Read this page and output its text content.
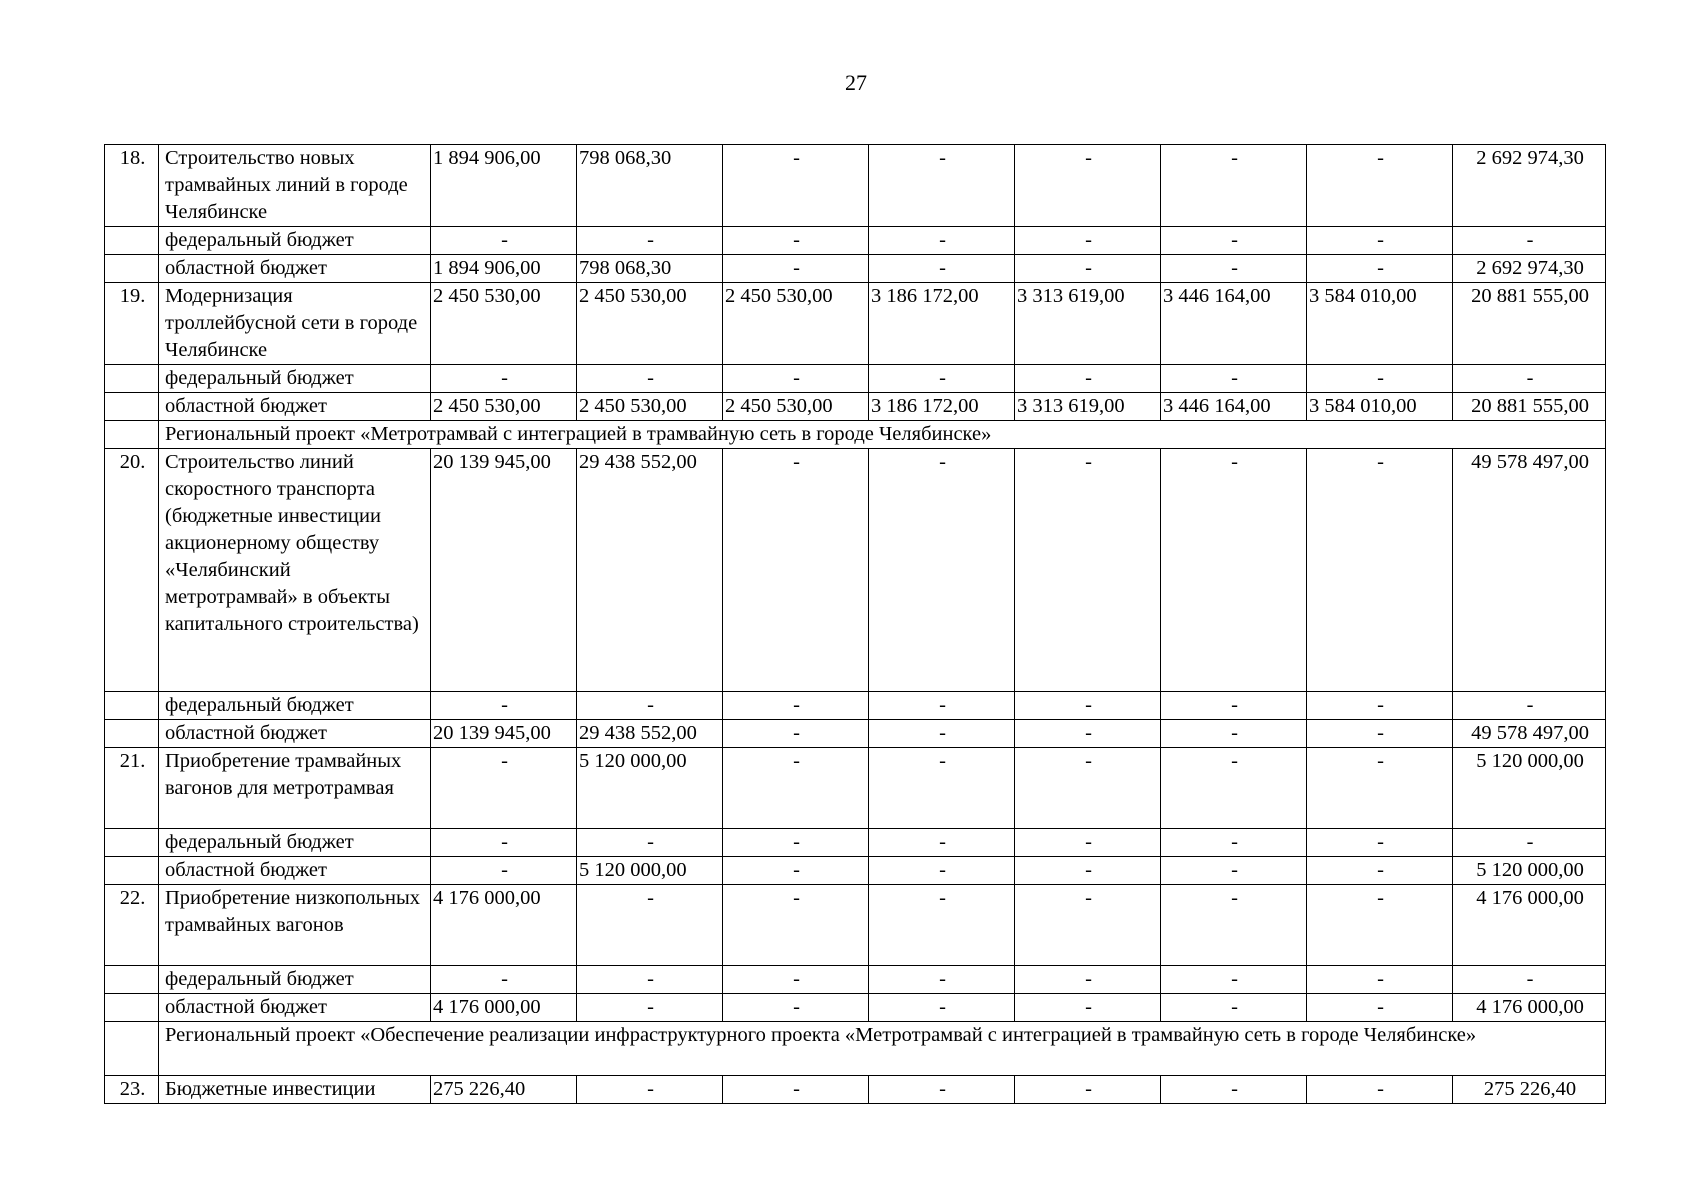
27
18.	Строительство новых трамвайных линий в городе Челябинске	1 894 906,00	798 068,30	-	-	-	-	-	2 692 974,30
	федеральный бюджет	-	-	-	-	-	-	-	-
	областной бюджет	1 894 906,00	798 068,30	-	-	-	-	-	2 692 974,30
19.	Модернизация троллейбусной сети в городе Челябинске	2 450 530,00	2 450 530,00	2 450 530,00	3 186 172,00	3 313 619,00	3 446 164,00	3 584 010,00	20 881 555,00
	федеральный бюджет	-	-	-	-	-	-	-	-
	областной бюджет	2 450 530,00	2 450 530,00	2 450 530,00	3 186 172,00	3 313 619,00	3 446 164,00	3 584 010,00	20 881 555,00
	Региональный проект «Метротрамвай с интеграцией в трамвайную сеть в городе Челябинске»								
20.	Строительство линий скоростного транспорта (бюджетные инвестиции акционерному обществу «Челябинский метротрамвай» в объекты капитального строительства)	20 139 945,00	29 438 552,00	-	-	-	-	-	49 578 497,00
	федеральный бюджет	-	-	-	-	-	-	-	-
	областной бюджет	20 139 945,00	29 438 552,00	-	-	-	-	-	49 578 497,00
21.	Приобретение трамвайных вагонов для метротрамвая	-	5 120 000,00	-	-	-	-	-	5 120 000,00
	федеральный бюджет	-	-	-	-	-	-	-	-
	областной бюджет	-	5 120 000,00	-	-	-	-	-	5 120 000,00
22.	Приобретение низкопольных трамвайных вагонов	4 176 000,00	-	-	-	-	-	-	4 176 000,00
	федеральный бюджет	-	-	-	-	-	-	-	-
	областной бюджет	4 176 000,00	-	-	-	-	-	-	4 176 000,00
	Региональный проект «Обеспечение реализации инфраструктурного проекта «Метротрамвай с интеграцией в трамвайную сеть в городе Челябинске»								
23.	Бюджетные инвестиции	275 226,40	-	-	-	-	-	-	275 226,40
